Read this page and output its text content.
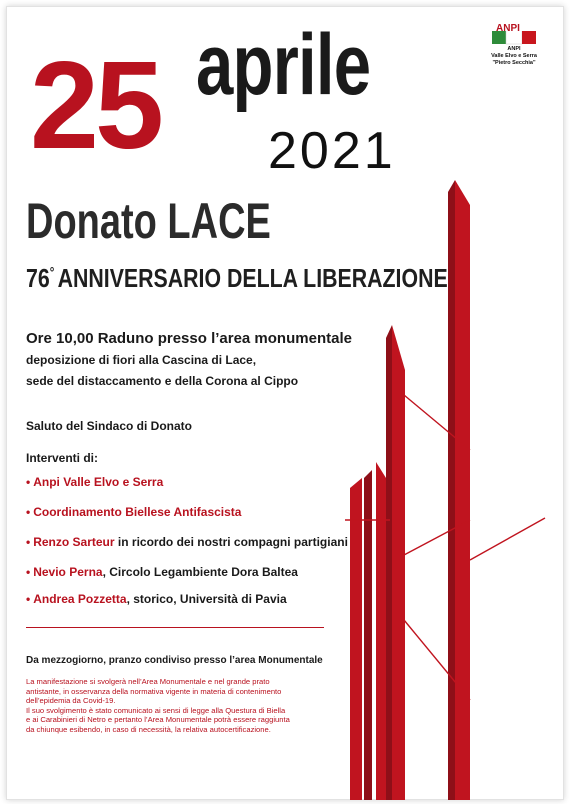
ANPI
ANPI
Valle Elvo e Serra
"Pietro Secchia"
25 aprile
2021
Donato LACE
76° ANNIVERSARIO DELLA LIBERAZIONE
Ore 10,00 Raduno presso l’area monumentale
deposizione di fiori alla Cascina di Lace,
sede del distaccamento e della Corona al Cippo
Saluto del Sindaco di Donato
Interventi di:
• Anpi Valle Elvo e Serra
• Coordinamento Biellese Antifascista
• Renzo Sarteur in ricordo dei nostri compagni partigiani
• Nevio Perna, Circolo Legambiente Dora Baltea
• Andrea Pozzetta, storico, Università di Pavia
Da mezzogiorno, pranzo condiviso presso l’area Monumentale
La manifestazione si svolgerà nell’Area Monumentale e nel grande prato
antistante, in osservanza della normativa vigente in materia di contenimento
dell’epidemia da Covid-19.
Il suo svolgimento è stato comunicato ai sensi di legge alla Questura di Biella
e ai Carabinieri di Netro e pertanto l’Area Monumentale potrà essere raggiunta
da chiunque esibendo, in caso di necessità, la relativa autocertificazione.
